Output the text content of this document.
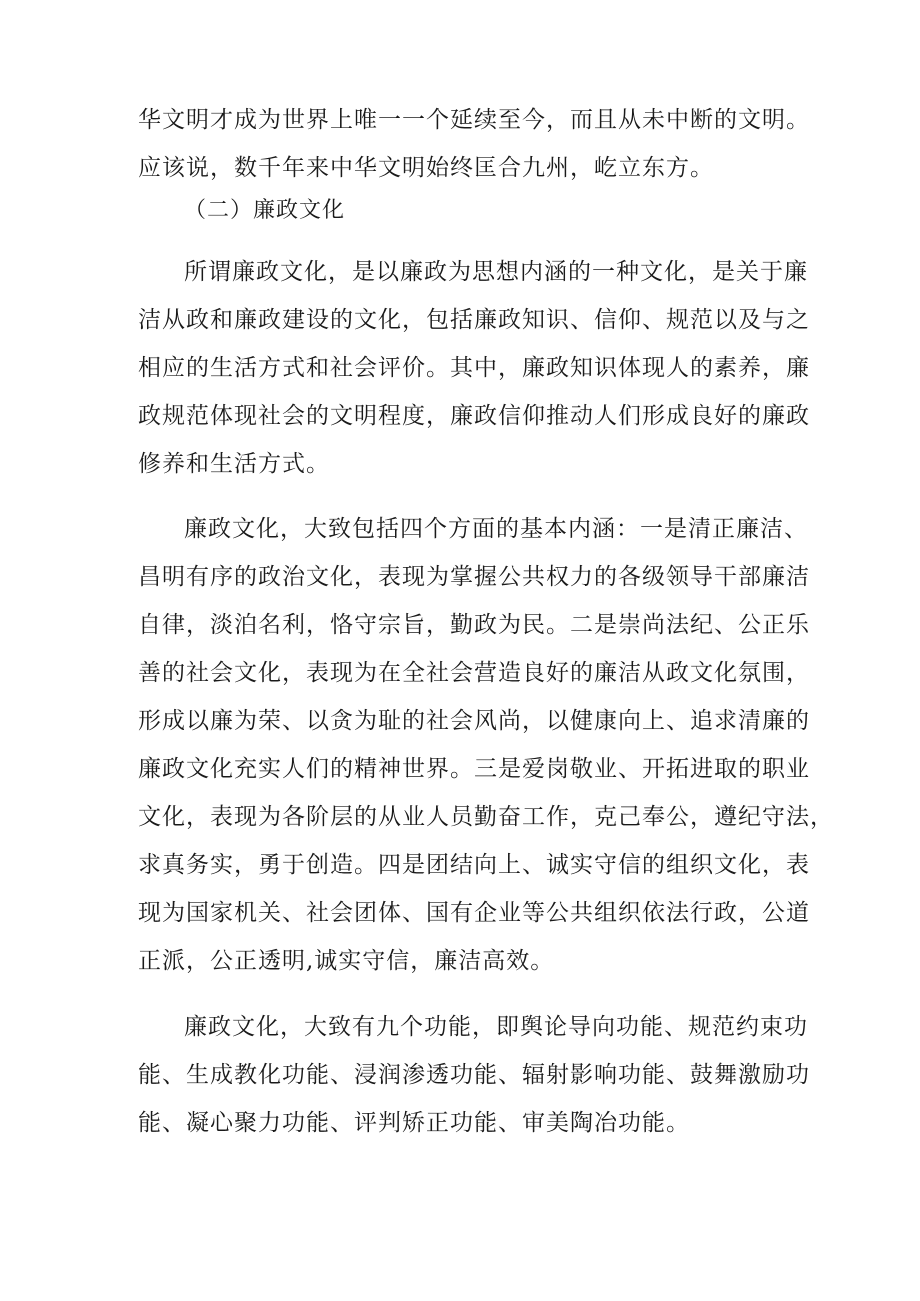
华文明才成为世界上唯一一个延续至今，而且从未中断的文明。
应该说，数千年来中华文明始终匡合九州，屹立东方。
（二）廉政文化
所谓廉政文化，是以廉政为思想内涵的一种文化，是关于廉
洁从政和廉政建设的文化，包括廉政知识、信仰、规范以及与之
相应的生活方式和社会评价。其中，廉政知识体现人的素养，廉
政规范体现社会的文明程度，廉政信仰推动人们形成良好的廉政
修养和生活方式。
廉政文化，大致包括四个方面的基本内涵：一是清正廉洁、
昌明有序的政治文化，表现为掌握公共权力的各级领导干部廉洁
自律，淡泊名利，恪守宗旨，勤政为民。二是崇尚法纪、公正乐
善的社会文化，表现为在全社会营造良好的廉洁从政文化氛围，
形成以廉为荣、以贪为耻的社会风尚，以健康向上、追求清廉的
廉政文化充实人们的精神世界。三是爱岗敬业、开拓进取的职业
文化，表现为各阶层的从业人员勤奋工作，克己奉公，遵纪守法，
求真务实，勇于创造。四是团结向上、诚实守信的组织文化，表
现为国家机关、社会团体、国有企业等公共组织依法行政，公道
正派，公正透明,诚实守信，廉洁高效。
廉政文化，大致有九个功能，即舆论导向功能、规范约束功
能、生成教化功能、浸润渗透功能、辐射影响功能、鼓舞激励功
能、凝心聚力功能、评判矫正功能、审美陶冶功能。
